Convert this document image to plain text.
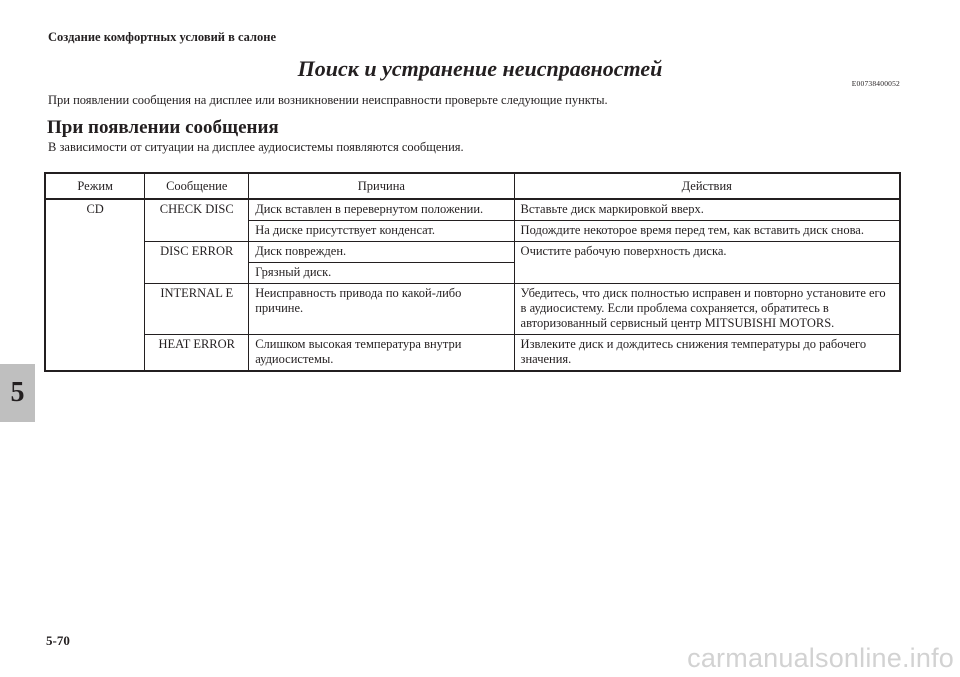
Создание комфортных условий в салоне
Поиск и устранение неисправностей
E00738400052
При появлении сообщения на дисплее или возникновении неисправности проверьте следующие пункты.
При появлении сообщения
В зависимости от ситуации на дисплее аудиосистемы появляются сообщения.
Режим	Сообщение	Причина	Действия
CD	CHECK DISC	Диск вставлен в перевернутом положении.	Вставьте диск маркировкой вверх.
		На диске присутствует конденсат.	Подождите некоторое время перед тем, как вставить диск снова.
	DISC ERROR	Диск поврежден.	Очистите рабочую поверхность диска.
		Грязный диск.	
	INTERNAL E	Неисправность привода по какой-либо причине.	Убедитесь, что диск полностью исправен и повторно установите его в аудиосистему. Если проблема сохраняется, обратитесь в авторизованный сервисный центр MITSUBISHI MOTORS.
	HEAT ERROR	Слишком высокая температура внутри аудиосистемы.	Извлеките диск и дождитесь снижения температуры до рабочего значения.
5
5-70
carmanualsonline.info
